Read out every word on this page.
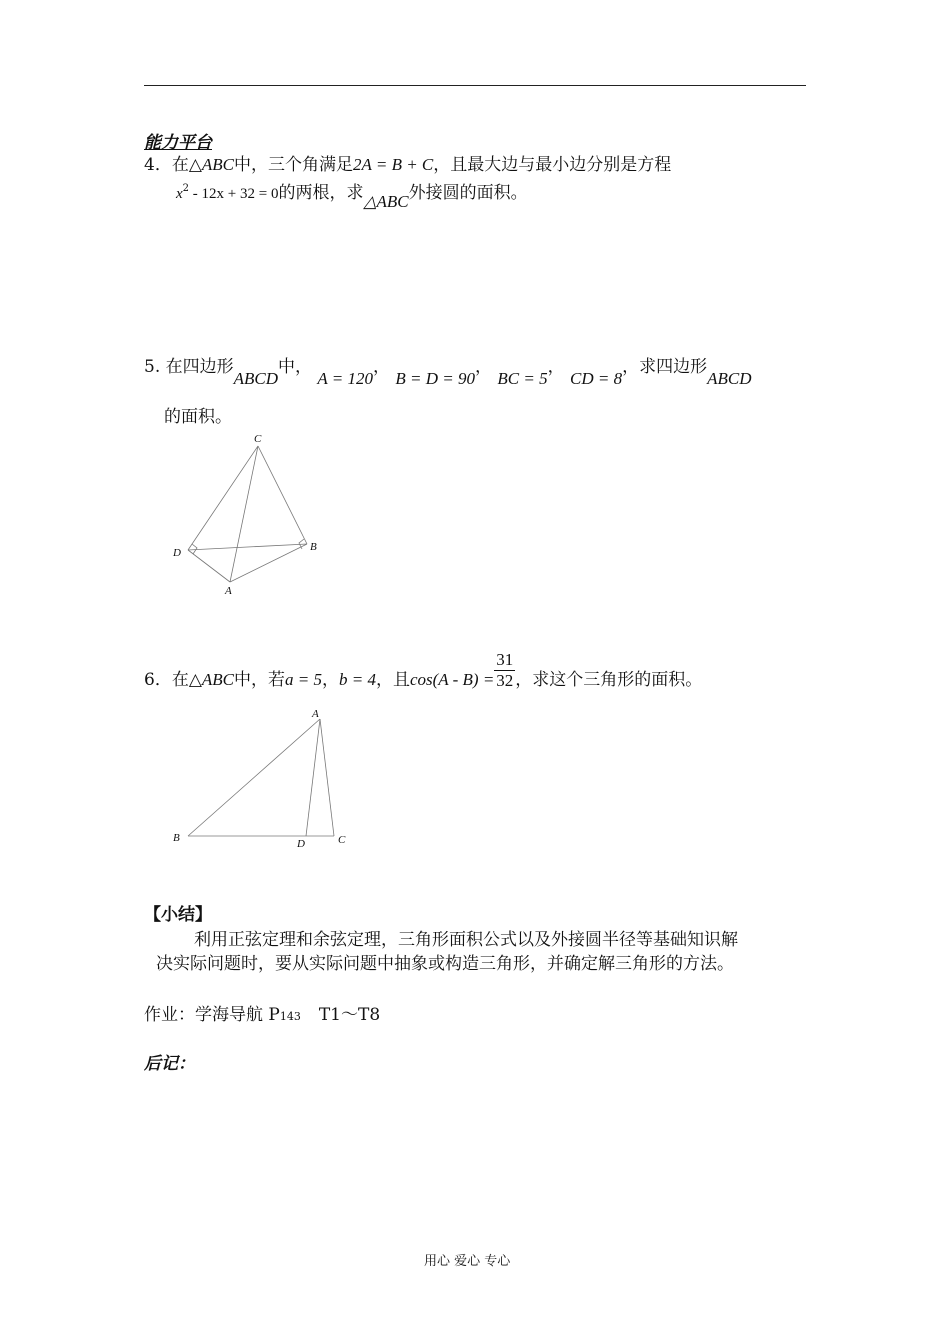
能力平台
4．在△ABC中，三个角满足2A = B + C，且最大边与最小边分别是方程
$x^2 - 12x + 32 = 0$的两根，求△ABC外接圆的面积。
5. 在四边形ABCD中， A = 120， B = D = 90， BC = 5， CD = 8，求四边形ABCD
的面积。
C
D	B
A
6．在△ABC中，若a = 5，b = 4，且$\cos(A - B) = \frac{31}{32}$ ，求这个三角形的面积。
A
B	D	C
【小结】
利用正弦定理和余弦定理，三角形面积公式以及外接圆半径等基础知识解
决实际问题时，要从实际问题中抽象或构造三角形，并确定解三角形的方法。
作业：学海导航 P143 T1～T8
后记：
用心 爱心 专心
